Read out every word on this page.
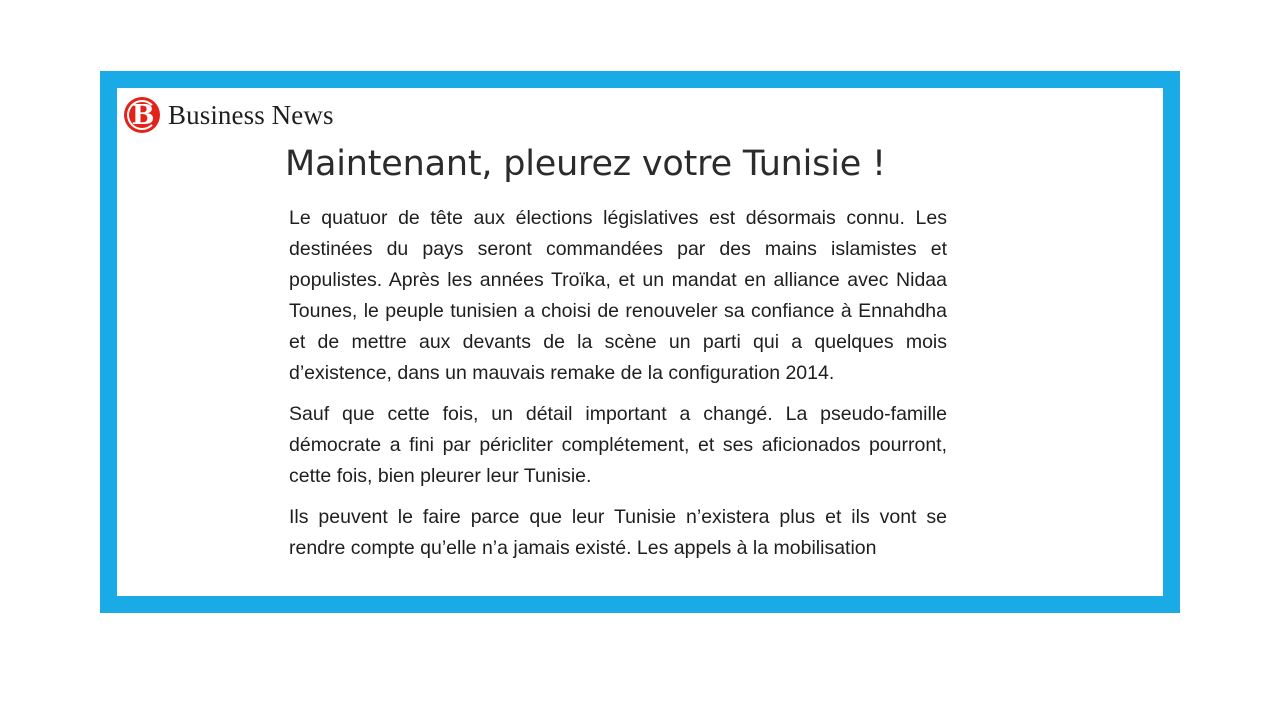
B Business News
Maintenant, pleurez votre Tunisie !

Le quatuor de tête aux élections législatives est désormais connu. Les destinées du pays seront commandées par des mains islamistes et populistes. Après les années Troïka, et un mandat en alliance avec Nidaa Tounes, le peuple tunisien a choisi de renouveler sa confiance à Ennahdha et de mettre aux devants de la scène un parti qui a quelques mois d’existence, dans un mauvais remake de la configuration 2014.

Sauf que cette fois, un détail important a changé. La pseudo-famille démocrate a fini par péricliter complétement, et ses aficionados pourront, cette fois, bien pleurer leur Tunisie.

Ils peuvent le faire parce que leur Tunisie n’existera plus et ils vont se rendre compte qu’elle n’a jamais existé. Les appels à la mobilisation
